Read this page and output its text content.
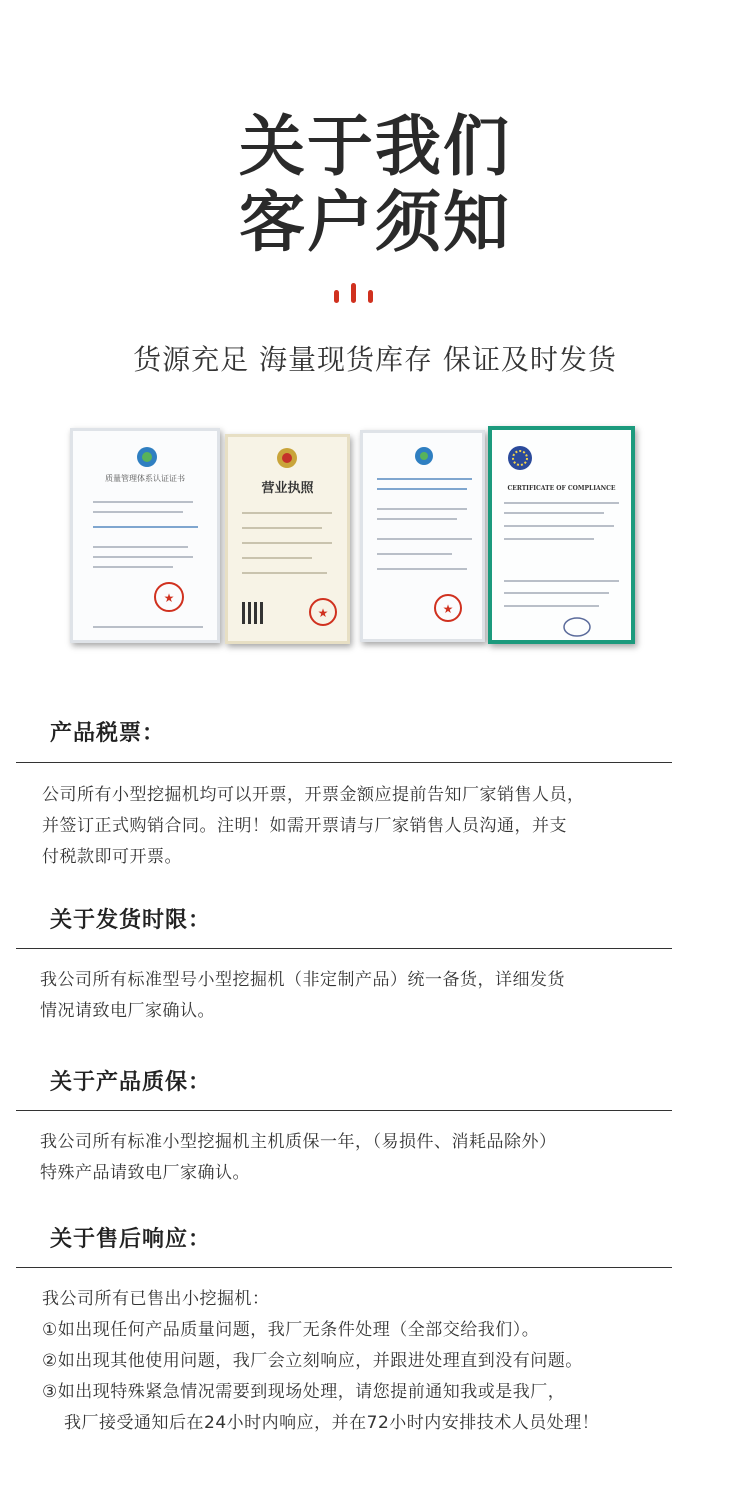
关于我们
客户须知
货源充足 海量现货库存 保证及时发货
质量管理体系认证证书
★
营业执照
★	★
CERTIFICATE OF COMPLIANCE
产品税票：
公司所有小型挖掘机均可以开票，开票金额应提前告知厂家销售人员，
并签订正式购销合同。注明！如需开票请与厂家销售人员沟通，并支
付税款即可开票。
关于发货时限：
我公司所有标准型号小型挖掘机（非定制产品）统一备货，详细发货
情况请致电厂家确认。
关于产品质保：
我公司所有标准小型挖掘机主机质保一年，（易损件、消耗品除外）
特殊产品请致电厂家确认。
关于售后响应：
我公司所有已售出小挖掘机：
①如出现任何产品质量问题，我厂无条件处理（全部交给我们）。
②如出现其他使用问题，我厂会立刻响应，并跟进处理直到没有问题。
③如出现特殊紧急情况需要到现场处理，请您提前通知我或是我厂，
我厂接受通知后在24小时内响应，并在72小时内安排技术人员处理！
